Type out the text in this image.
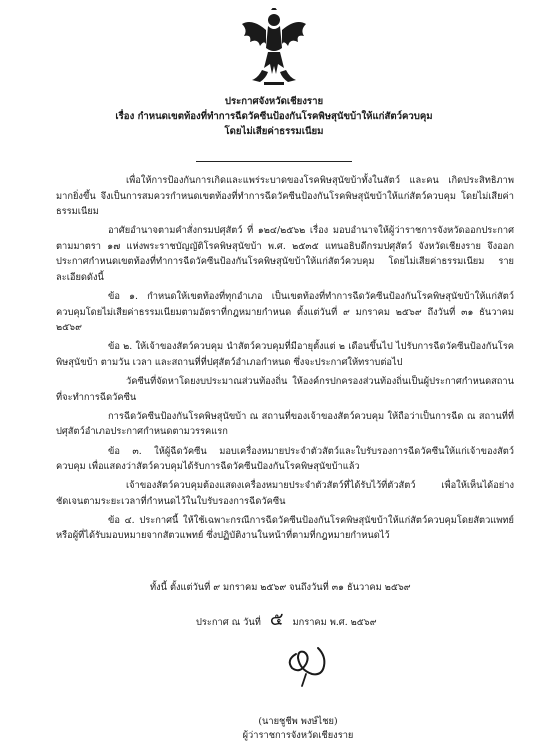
ประกาศจังหวัดเชียงราย
เรื่อง กำหนดเขตท้องที่ทำการฉีดวัคซีนป้องกันโรคพิษสุนัขบ้าให้แก่สัตว์ควบคุม
โดยไม่เสียค่าธรรมเนียม

เพื่อให้การป้องกันการเกิดและแพร่ระบาดของโรคพิษสุนัขบ้าทั้งในสัตว์ และคน เกิดประสิทธิภาพมากยิ่งขึ้น จึงเป็นการสมควรกำหนดเขตท้องที่ทำการฉีดวัคซีนป้องกันโรคพิษสุนัขบ้าให้แก่สัตว์ควบคุม โดยไม่เสียค่าธรรมเนียม

อาศัยอำนาจตามคำสั่งกรมปศุสัตว์ ที่ ๑๒๔/๒๕๖๒ เรื่อง มอบอำนาจให้ผู้ว่าราชการจังหวัดออกประกาศตามมาตรา ๑๗ แห่งพระราชบัญญัติโรคพิษสุนัขบ้า พ.ศ. ๒๕๓๕ แทนอธิบดีกรมปศุสัตว์ จังหวัดเชียงราย จึงออกประกาศกำหนดเขตท้องที่ทำการฉีดวัคซีนป้องกันโรคพิษสุนัขบ้าให้แก่สัตว์ควบคุม โดยไม่เสียค่าธรรมเนียม รายละเอียดดังนี้

ข้อ ๑. กำหนดให้เขตท้องที่ทุกอำเภอ เป็นเขตท้องที่ทำการฉีดวัคซีนป้องกันโรคพิษสุนัขบ้าให้แก่สัตว์ควบคุมโดยไม่เสียค่าธรรมเนียมตามอัตราที่กฎหมายกำหนด ตั้งแต่วันที่ ๙ มกราคม ๒๕๖๙ ถึงวันที่ ๓๑ ธันวาคม ๒๕๖๙

ข้อ ๒. ให้เจ้าของสัตว์ควบคุม นำสัตว์ควบคุมที่มีอายุตั้งแต่ ๒ เดือนขึ้นไป ไปรับการฉีดวัคซีนป้องกันโรคพิษสุนัขบ้า ตามวัน เวลา และสถานที่ที่ปศุสัตว์อำเภอกำหนด ซึ่งจะประกาศให้ทราบต่อไป

วัคซีนที่จัดหาโดยงบประมาณส่วนท้องถิ่น ให้องค์กรปกครองส่วนท้องถิ่นเป็นผู้ประกาศกำหนดสถานที่จะทำการฉีดวัคซีน

การฉีดวัคซีนป้องกันโรคพิษสุนัขบ้า ณ สถานที่ของเจ้าของสัตว์ควบคุม ให้ถือว่าเป็นการฉีด ณ สถานที่ที่ปศุสัตว์อำเภอประกาศกำหนดตามวรรคแรก

ข้อ ๓. ให้ผู้ฉีดวัคซีน มอบเครื่องหมายประจำตัวสัตว์และใบรับรองการฉีดวัคซีนให้แก่เจ้าของสัตว์ควบคุม เพื่อแสดงว่าสัตว์ควบคุมได้รับการฉีดวัคซีนป้องกันโรคพิษสุนัขบ้าแล้ว

เจ้าของสัตว์ควบคุมต้องแสดงเครื่องหมายประจำตัวสัตว์ที่ได้รับไว้ที่ตัวสัตว์ เพื่อให้เห็นได้อย่างชัดเจนตามระยะเวลาที่กำหนดไว้ในใบรับรองการฉีดวัคซีน

ข้อ ๔. ประกาศนี้ ให้ใช้เฉพาะกรณีการฉีดวัคซีนป้องกันโรคพิษสุนัขบ้าให้แก่สัตว์ควบคุมโดยสัตวแพทย์หรือผู้ที่ได้รับมอบหมายจากสัตวแพทย์ ซึ่งปฏิบัติงานในหน้าที่ตามที่กฎหมายกำหนดไว้

ทั้งนี้ ตั้งแต่วันที่ ๙ มกราคม ๒๕๖๙ จนถึงวันที่ ๓๑ ธันวาคม ๒๕๖๙
ประกาศ ณ วันที่ ๕ มกราคม พ.ศ. ๒๕๖๙
(นายชูชีพ พงษ์ไชย)
ผู้ว่าราชการจังหวัดเชียงราย
